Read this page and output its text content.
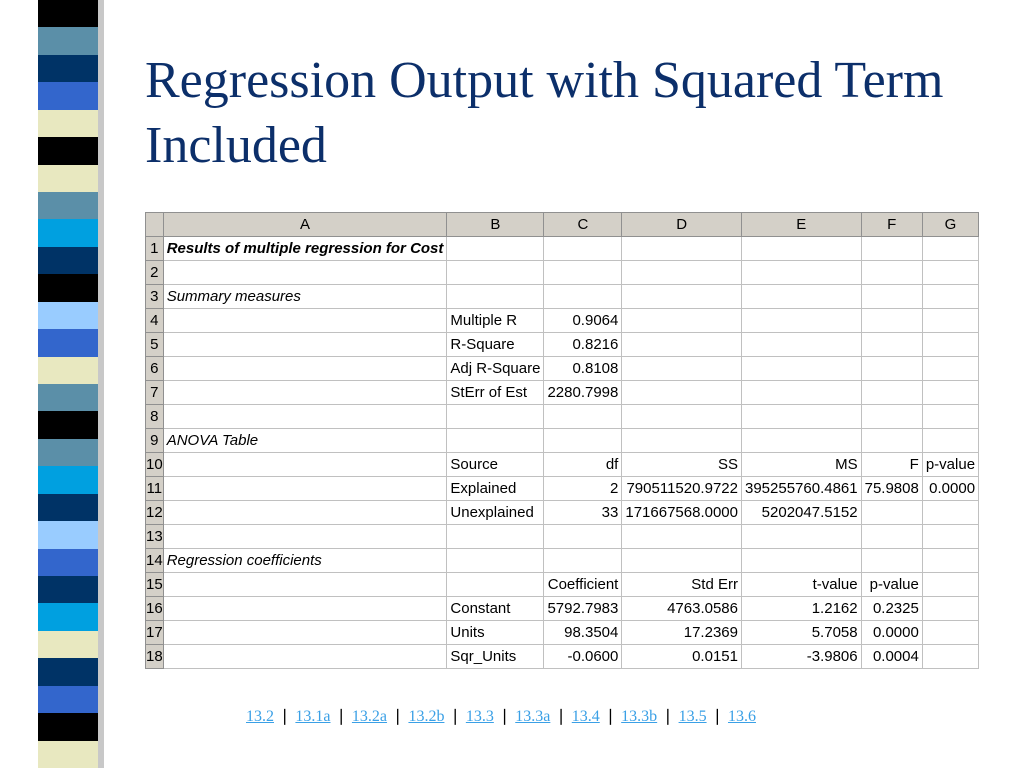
Regression Output with Squared Term Included
	A	B	C	D	E	F	G
1	Results of multiple regression for Cost						
2							
3	Summary measures						
4		Multiple R	0.9064				
5		R-Square	0.8216				
6		Adj R-Square	0.8108				
7		StErr of Est	2280.7998				
8							
9	ANOVA Table						
10		Source	df	SS	MS	F	p-value
11		Explained	2	790511520.9722	395255760.4861	75.9808	0.0000
12		Unexplained	33	171667568.0000	5202047.5152		
13							
14	Regression coefficients						
15			Coefficient	Std Err	t-value	p-value	
16		Constant	5792.7983	4763.0586	1.2162	0.2325	
17		Units	98.3504	17.2369	5.7058	0.0000	
18		Sqr_Units	-0.0600	0.0151	-3.9806	0.0004	
13.2 ❘ 13.1a ❘ 13.2a ❘ 13.2b ❘ 13.3 ❘ 13.3a ❘ 13.4 ❘ 13.3b ❘ 13.5 ❘ 13.6
